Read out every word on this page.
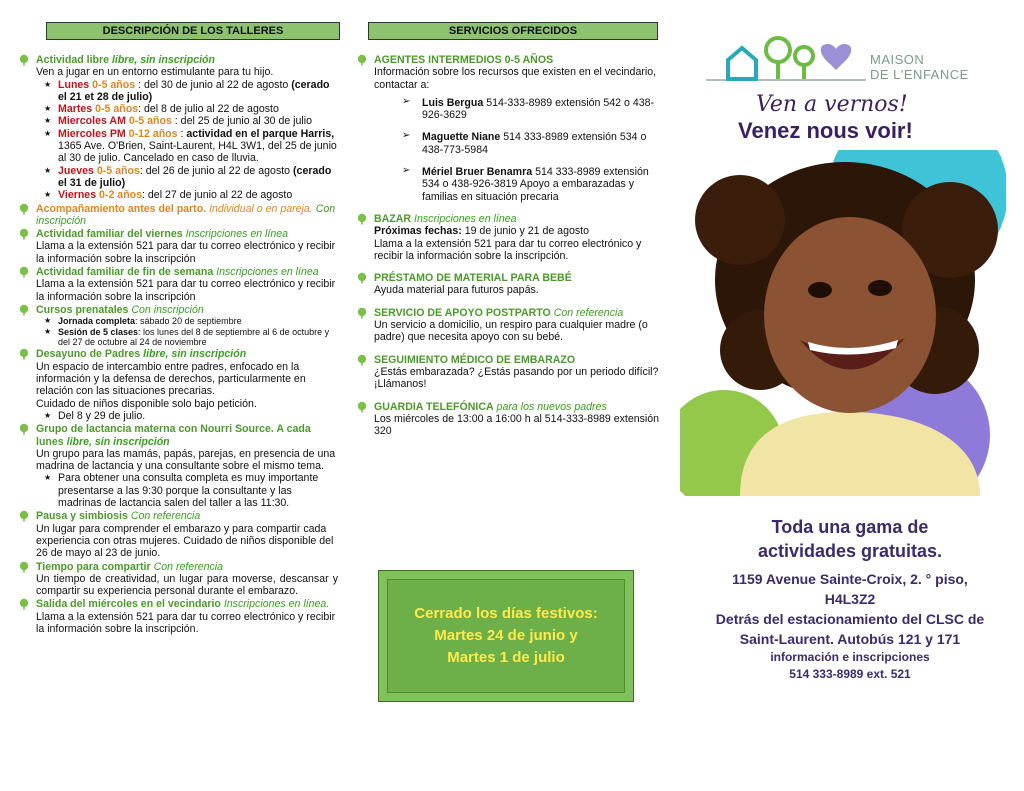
DESCRIPCIÓN DE LOS TALLERES	SERVICIOS OFRECIDOS
Actividad libre libre, sin inscripción
Ven a jugar en un entorno estimulante para tu hijo.
★ Lunes 0-5 años : del 30 de junio al 22 de agosto (cerado el 21 et 28 de julio)
★ Martes 0-5 años: del 8 de julio al 22 de agosto
★ Miercoles AM 0-5 años : del 25 de junio al 30 de julio
★ Miercoles PM 0-12 años : actividad en el parque Harris, 1365 Ave. O'Brien, Saint-Laurent, H4L 3W1, del 25 de junio al 30 de julio. Cancelado en caso de lluvia.
★ Jueves 0-5 años: del 26 de junio al 22 de agosto (cerado el 31 de julio)
★ Viernes 0-2 años: del 27 de junio al 22 de agosto
Acompañamiento antes del parto. Individual o en pareja. Con inscripción
Actividad familiar del viernes Inscripciones en línea
Llama a la extensión 521 para dar tu correo electrónico y recibir la información sobre la inscripción
Actividad familiar de fin de semana Inscripciones en línea Llama a la extensión 521 para dar tu correo electrónico y recibir la información sobre la inscripción
Cursos prenatales Con inscripción
★ Jornada completa: sábado 20 de septiembre
★ Sesión de 5 clases: los lunes del 8 de septiembre al 6 de octubre y del 27 de octubre al 24 de noviembre
Desayuno de Padres libre, sin inscripción
Un espacio de intercambio entre padres, enfocado en la información y la defensa de derechos, particularmente en relación con las situaciones precarias.
Cuidado de niños disponible solo bajo petición.
★ Del 8 y 29 de julio.
Grupo de lactancia materna con Nourri Source. A cada lunes libre, sin inscripción
Un grupo para las mamás, papás, parejas, en presencia de una madrina de lactancia y una consultante sobre el mismo tema.
★ Para obtener una consulta completa es muy importante presentarse a las 9:30 porque la consultante y las madrinas de lactancia salen del taller a las 11:30.
Pausa y simbiosis Con referencia
Un lugar para comprender el embarazo y para compartir cada experiencia con otras mujeres. Cuidado de niños disponible del 26 de mayo al 23 de junio.
Tiempo para compartir Con referencia

Un tiempo de creatividad, un lugar para moverse, descansar y compartir su experiencia personal durante el embarazo.
Salida del miércoles en el vecindario Inscripciones en línea. Llama a la extensión 521 para dar tu correo electrónico y recibir la información sobre la inscripción.
AGENTES INTERMEDIOS 0-5 AÑOS
Información sobre los recursos que existen en el vecindario, contactar a:
➢ Luis Bergua 514-333-8989 extensión 542 o 438-926-3629
➢ Maguette Niane 514 333-8989 extensión 534 o 438-773-5984
➢ Mériel Bruer Benamra 514 333-8989 extensión 534 o 438-926-3819 Apoyo a embarazadas y familias en situación precaria
BAZAR Inscripciones en línea
Próximas fechas: 19 de junio y 21 de agosto
Llama a la extensión 521 para dar tu correo electrónico y recibir la información sobre la inscripción.
PRÉSTAMO DE MATERIAL PARA BEBÉ
Ayuda material para futuros papás.
SERVICIO DE APOYO POSTPARTO Con referencia
Un servicio a domicilio, un respiro para cualquier madre (o padre) que necesita apoyo con su bebé.
SEGUIMIENTO MÉDICO DE EMBARAZO
¿Estás embarazada? ¿Estás pasando por un periodo difícil? ¡Llámanos!
GUARDIA TELEFÓNICA para los nuevos padres
Los miércoles de 13:00 a 16:00 h al 514-333-8989 extensión 320
Cerrado los días festivos:
Martes 24 de junio y
Martes 1 de julio
MAISON
DE L'ENFANCE
Ven a vernos!
Venez nous voir!
Toda una gama de
actividades gratuitas.
1159 Avenue Sainte-Croix, 2. ° piso,
H4L3Z2
Detrás del estacionamiento del CLSC de
Saint-Laurent. Autobús 121 y 171
información e inscripciones
514 333-8989 ext. 521
